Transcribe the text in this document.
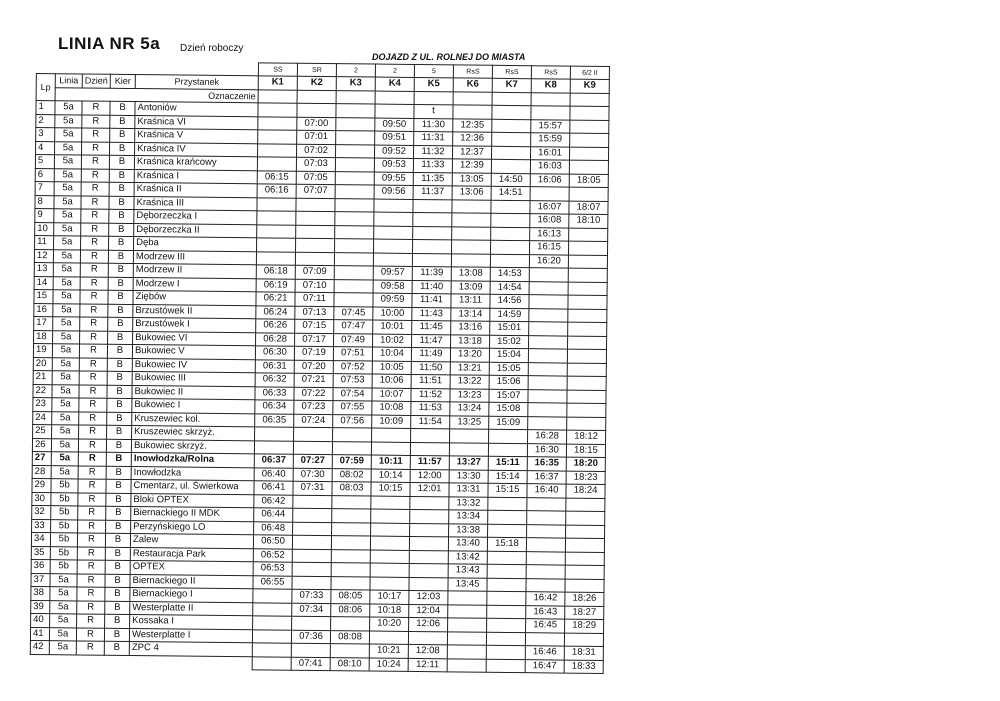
LINIA NR 5a Dzień roboczy
DOJAZD Z UL. ROLNEJ DO MIASTA
					SS	SR	2	2	5	RsS	RsS	RsS	6/2 II
Lp	Linia	Dzień	Kier	Przystanek	K1	K2	K3	K4	K5	K6	K7	K8	K9
	Oznaczenie												
1	5a	R	B	Antoniów					t				
2	5a	R	B	Kraśnica VI		07:00		09:50	11:30	12:35		15:57	
3	5a	R	B	Kraśnica V		07:01		09:51	11:31	12:36		15:59	
4	5a	R	B	Kraśnica IV		07:02		09:52	11:32	12:37		16:01	
5	5a	R	B	Kraśnica krańcowy		07:03		09:53	11:33	12:39		16:03	
6	5a	R	B	Kraśnica I	06:15	07:05		09:55	11:35	13:05	14:50	16:06	18:05
7	5a	R	B	Kraśnica II	06:16	07:07		09:56	11:37	13:06	14:51		
8	5a	R	B	Kraśnica III								16:07	18:07
9	5a	R	B	Dęborzeczka I								16:08	18:10
10	5a	R	B	Dęborzeczka II								16:13	
11	5a	R	B	Dęba								16:15	
12	5a	R	B	Modrzew III								16:20	
13	5a	R	B	Modrzew II	06:18	07:09		09:57	11:39	13:08	14:53		
14	5a	R	B	Modrzew I	06:19	07:10		09:58	11:40	13:09	14:54		
15	5a	R	B	Ziębów	06:21	07:11		09:59	11:41	13:11	14:56		
16	5a	R	B	Brzustówek II	06:24	07:13	07:45	10:00	11:43	13:14	14:59		
17	5a	R	B	Brzustówek I	06:26	07:15	07:47	10:01	11:45	13:16	15:01		
18	5a	R	B	Bukowiec VI	06:28	07:17	07:49	10:02	11:47	13:18	15:02		
19	5a	R	B	Bukowiec V	06:30	07:19	07:51	10:04	11:49	13:20	15:04		
20	5a	R	B	Bukowiec IV	06:31	07:20	07:52	10:05	11:50	13:21	15:05		
21	5a	R	B	Bukowiec III	06:32	07:21	07:53	10:06	11:51	13:22	15:06		
22	5a	R	B	Bukowiec II	06:33	07:22	07:54	10:07	11:52	13:23	15:07		
23	5a	R	B	Bukowiec I	06:34	07:23	07:55	10:08	11:53	13:24	15:08		
24	5a	R	B	Kruszewiec kol.	06:35	07:24	07:56	10:09	11:54	13:25	15:09		
25	5a	R	B	Kruszewiec skrzyż.								16:28	18:12
26	5a	R	B	Bukowiec skrzyż.								16:30	18:15
27	5a	R	B	Inowłodzka/Rolna	06:37	07:27	07:59	10:11	11:57	13:27	15:11	16:35	18:20
28	5a	R	B	Inowłodzka	06:40	07:30	08:02	10:14	12:00	13:30	15:14	16:37	18:23
29	5b	R	B	Cmentarz, ul. Świerkowa	06:41	07:31	08:03	10:15	12:01	13:31	15:15	16:40	18:24
30	5b	R	B	Bloki OPTEX	06:42					13:32			
32	5b	R	B	Biernackiego II MDK	06:44					13:34			
33	5b	R	B	Perzyńskiego LO	06:48					13:38			
34	5b	R	B	Zalew	06:50					13:40	15:18		
35	5b	R	B	Restauracja Park	06:52					13:42			
36	5b	R	B	OPTEX	06:53					13:43			
37	5a	R	B	Biernackiego II	06:55					13:45			
38	5a	R	B	Biernackiego I		07:33	08:05	10:17	12:03			16:42	18:26
39	5a	R	B	Westerplatte II		07:34	08:06	10:18	12:04			16:43	18:27
40	5a	R	B	Kossaka I				10:20	12:06			16:45	18:29
41	5a	R	B	Westerplatte I		07:36	08:08						
42	5a	R	B	ZPC 4				10:21	12:08			16:46	18:31
						07:41	08:10	10:24	12:11			16:47	18:33
